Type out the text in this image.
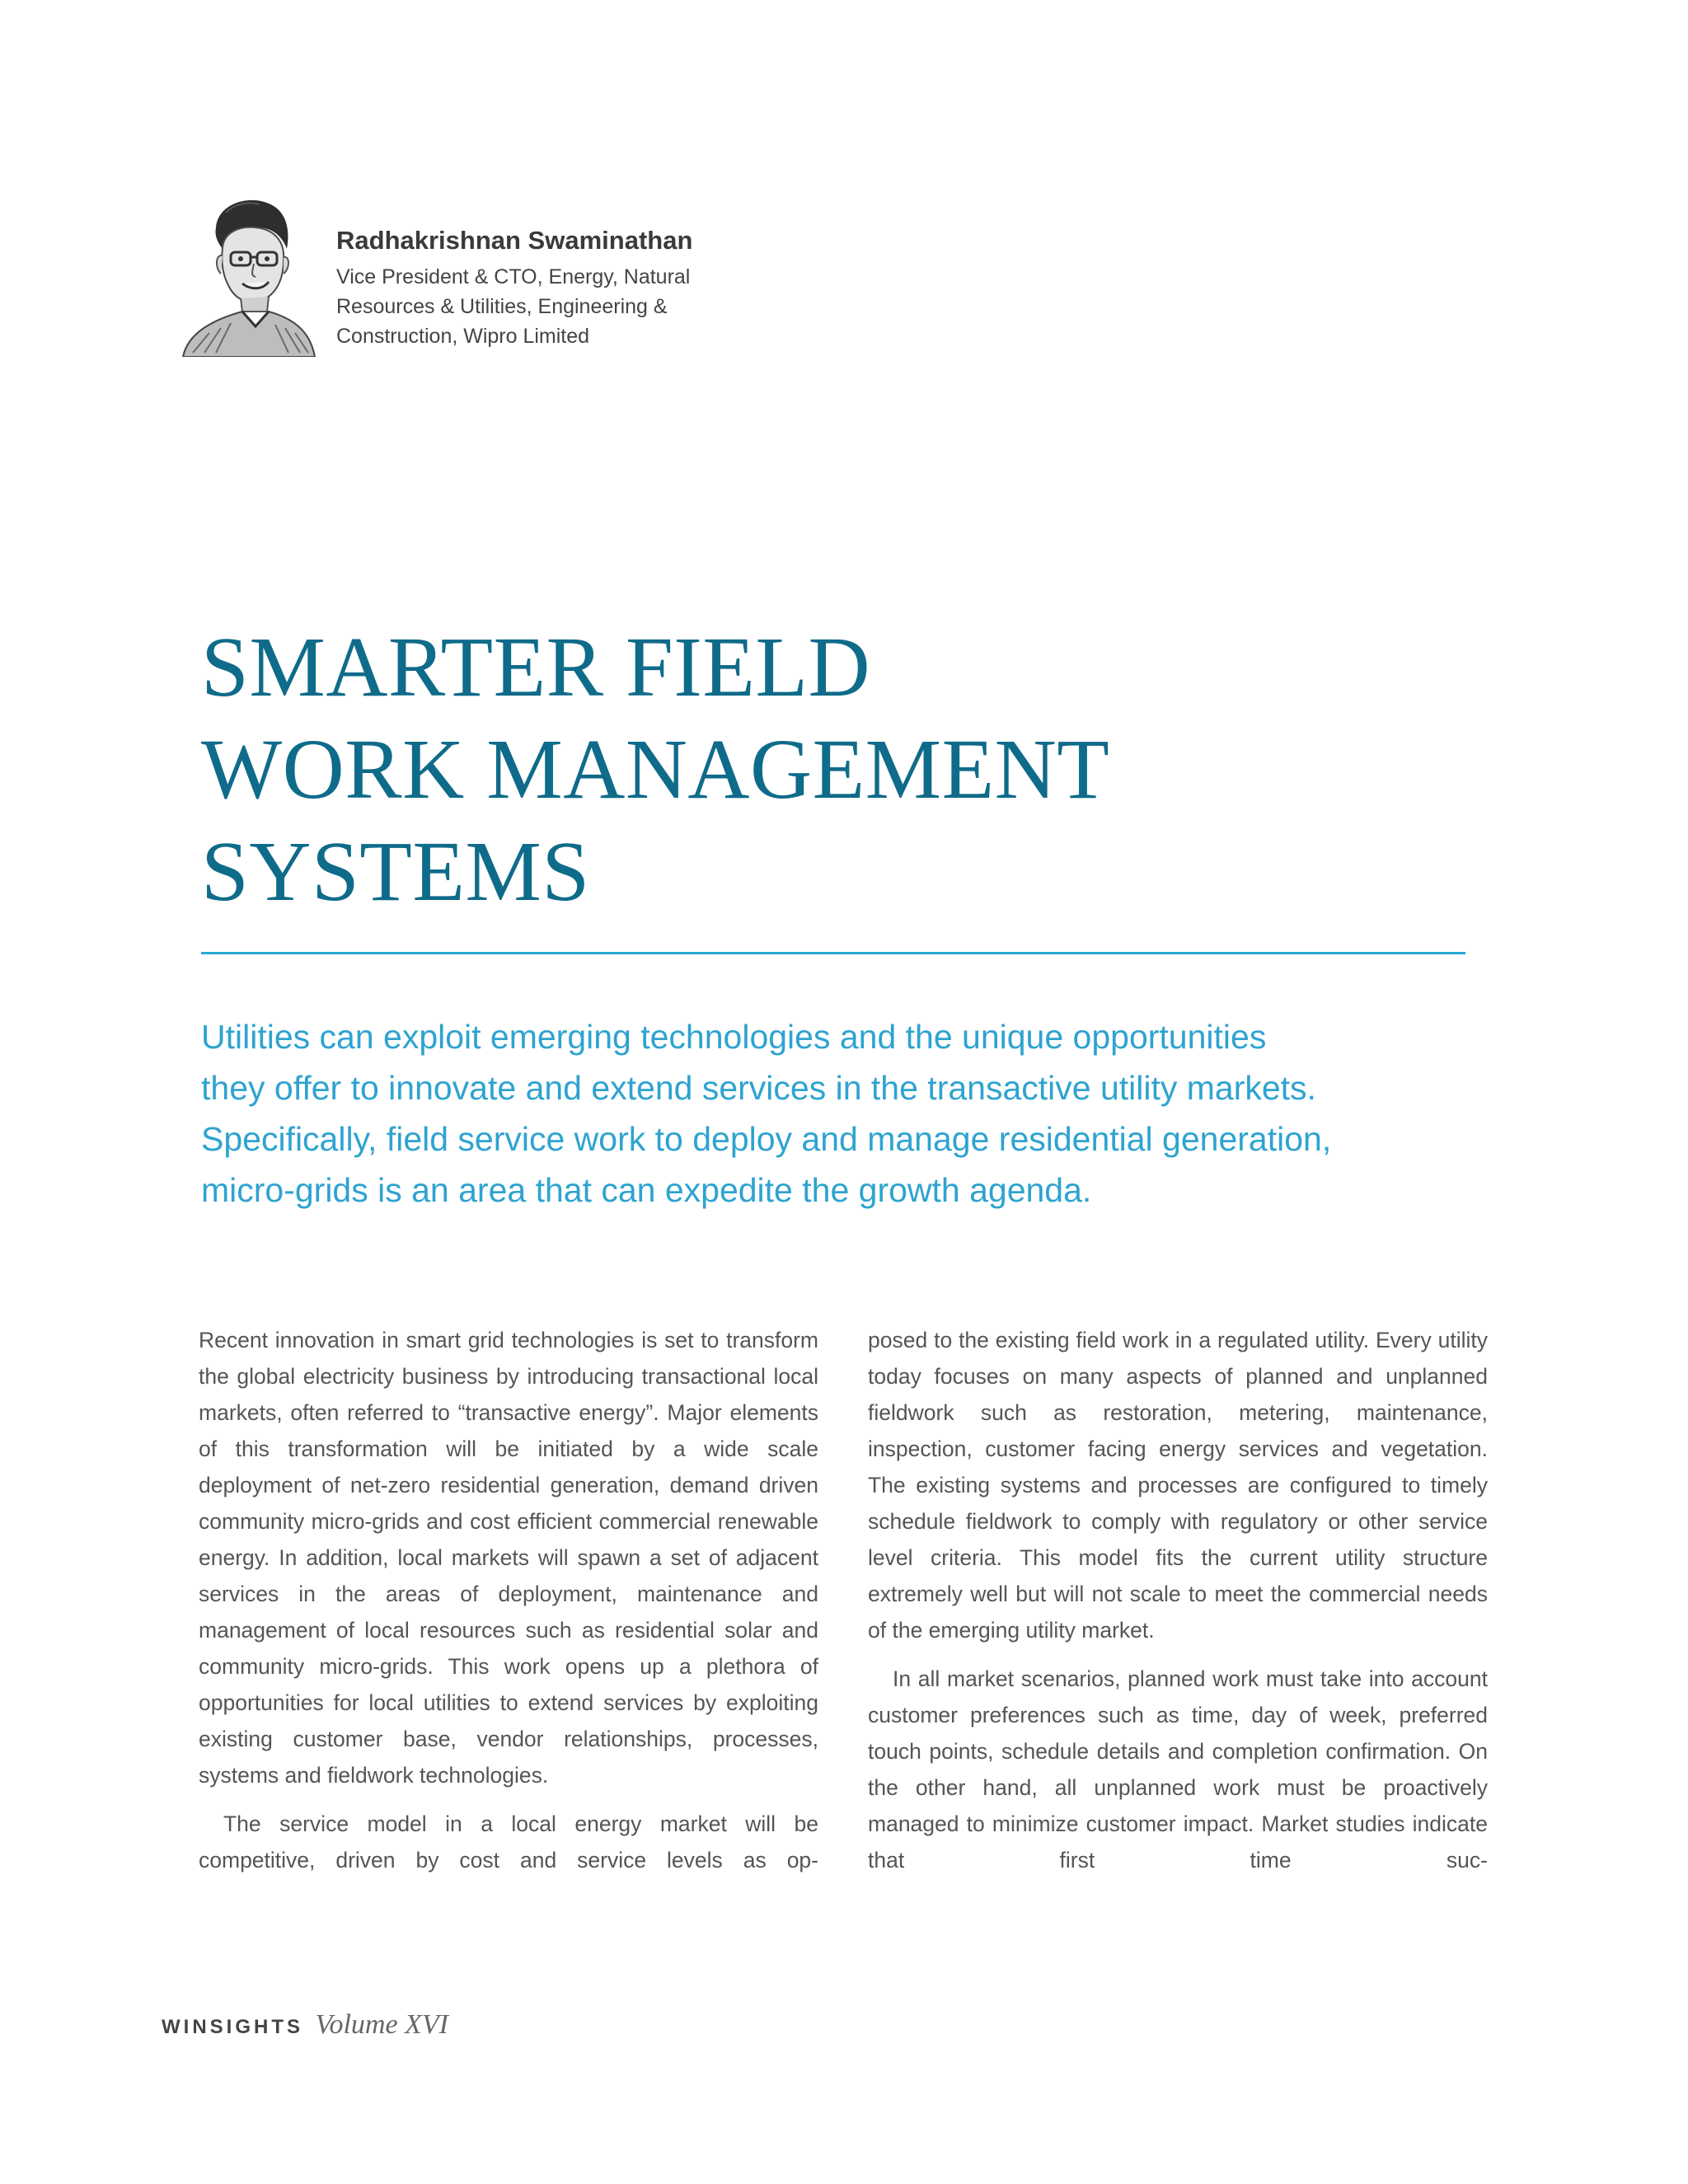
Radhakrishnan Swaminathan

Vice President & CTO, Energy, Natural
Resources & Utilities, Engineering &
Construction, Wipro Limited

SMARTER FIELD
WORK MANAGEMENT
SYSTEMS

Utilities can exploit emerging technologies and the unique opportunities
they offer to innovate and extend services in the transactive utility markets.
Specifically, field service work to deploy and manage residential generation,
micro-grids is an area that can expedite the growth agenda.

Recent innovation in smart grid technologies is set to transform the global electricity business by introducing transactional local markets, often referred to “transactive energy”. Major elements of this transformation will be initiated by a wide scale deployment of net-zero residential generation, demand driven community micro-grids and cost efficient commercial renewable energy. In addition, local markets will spawn a set of adjacent services in the areas of deployment, maintenance and management of local resources such as residential solar and community micro-grids. This work opens up a plethora of opportunities for local utilities to extend services by exploiting existing customer base, vendor relationships, processes, systems and fieldwork technologies.

The service model in a local energy market will be competitive, driven by cost and service levels as op-

posed to the existing field work in a regulated utility. Every utility today focuses on many aspects of planned and unplanned fieldwork such as restoration, metering, maintenance, inspection, customer facing energy services and vegetation. The existing systems and processes are configured to timely schedule fieldwork to comply with regulatory or other service level criteria. This model fits the current utility structure extremely well but will not scale to meet the commercial needs of the emerging utility market.

In all market scenarios, planned work must take into account customer preferences such as time, day of week, preferred touch points, schedule details and completion confirmation. On the other hand, all unplanned work must be proactively managed to minimize customer impact. Market studies indicate that first time suc-

WINSIGHTS Volume XVI
